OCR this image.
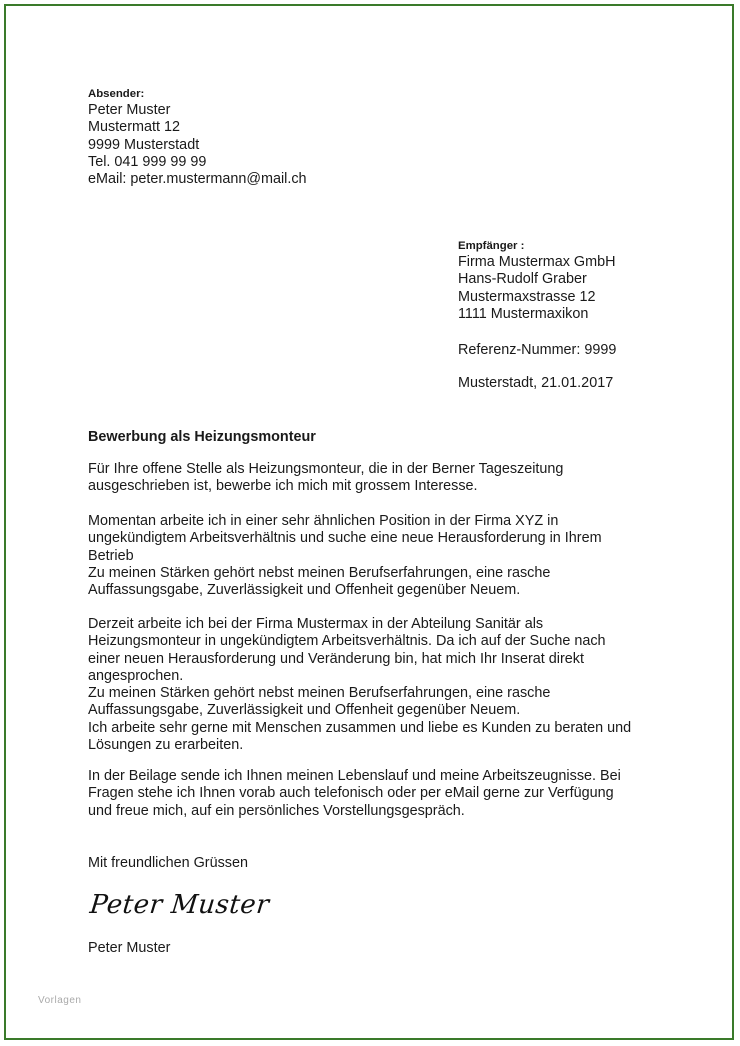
Absender:
Peter Muster
Mustermatt 12
9999 Musterstadt
Tel. 041 999 99 99
eMail: peter.mustermann@mail.ch
Empfänger :
Firma Mustermax GmbH
Hans-Rudolf Graber
Mustermaxstrasse 12
1111 Mustermaxikon
Referenz-Nummer: 9999
Musterstadt, 21.01.2017
Bewerbung als Heizungsmonteur
Für Ihre offene Stelle als Heizungsmonteur, die in der Berner Tageszeitung
ausgeschrieben ist, bewerbe ich mich mit grossem Interesse.
Momentan arbeite ich in einer sehr ähnlichen Position in der Firma XYZ in
ungekündigtem Arbeitsverhältnis und suche eine neue Herausforderung in Ihrem
Betrieb
Zu meinen Stärken gehört nebst meinen Berufserfahrungen, eine rasche
Auffassungsgabe, Zuverlässigkeit und Offenheit gegenüber Neuem.
Derzeit arbeite ich bei der Firma Mustermax in der Abteilung Sanitär als
Heizungsmonteur in ungekündigtem Arbeitsverhältnis. Da ich auf der Suche nach
einer neuen Herausforderung und Veränderung bin, hat mich Ihr Inserat direkt
angesprochen.
Zu meinen Stärken gehört nebst meinen Berufserfahrungen, eine rasche
Auffassungsgabe, Zuverlässigkeit und Offenheit gegenüber Neuem.
Ich arbeite sehr gerne mit Menschen zusammen und liebe es Kunden zu beraten und
Lösungen zu erarbeiten.
In der Beilage sende ich Ihnen meinen Lebenslauf und meine Arbeitszeugnisse. Bei
Fragen stehe ich Ihnen vorab auch telefonisch oder per eMail gerne zur Verfügung
und freue mich, auf ein persönliches Vorstellungsgespräch.
Mit freundlichen Grüssen
Peter Muster
Peter Muster
Vorlagen
